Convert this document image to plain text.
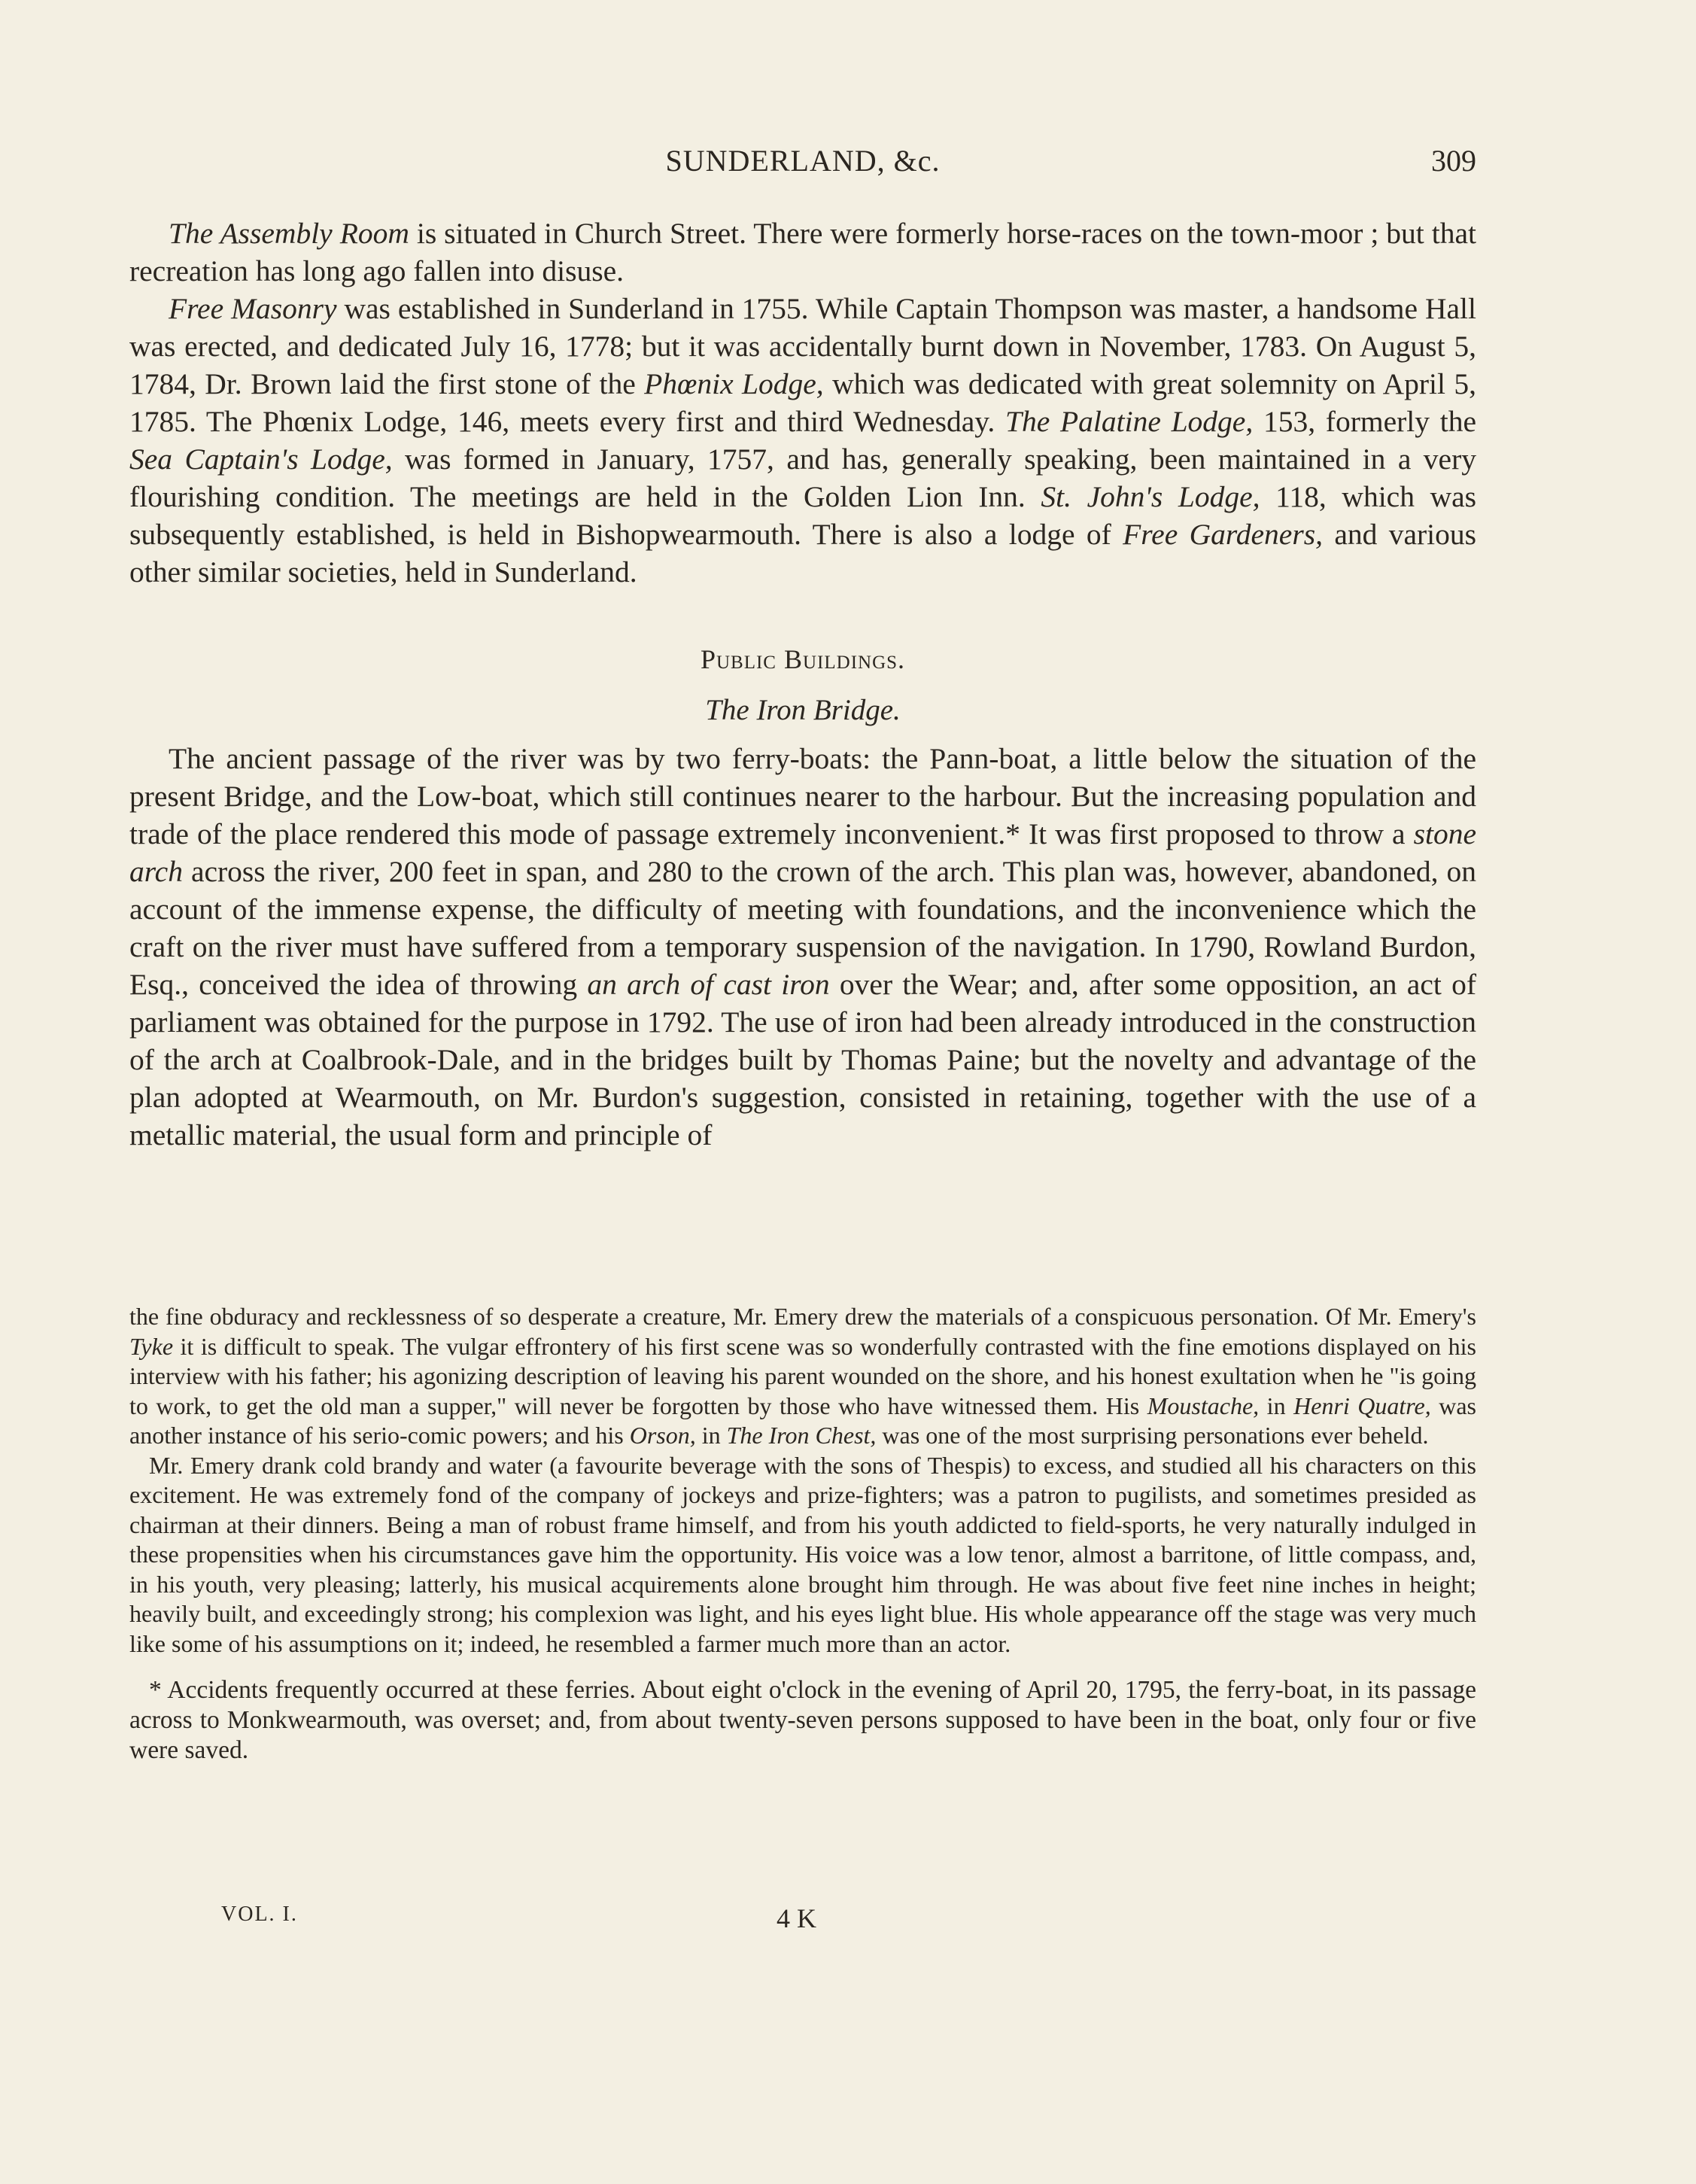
SUNDERLAND, &c.	309

The Assembly Room is situated in Church Street. There were formerly horse-races on the town-moor ; but that recreation has long ago fallen into disuse.

Free Masonry was established in Sunderland in 1755. While Captain Thompson was master, a handsome Hall was erected, and dedicated July 16, 1778; but it was accidentally burnt down in November, 1783. On August 5, 1784, Dr. Brown laid the first stone of the Phœnix Lodge, which was dedicated with great solemnity on April 5, 1785. The Phœnix Lodge, 146, meets every first and third Wednesday. The Palatine Lodge, 153, formerly the Sea Captain's Lodge, was formed in January, 1757, and has, generally speaking, been maintained in a very flourishing condition. The meetings are held in the Golden Lion Inn. St. John's Lodge, 118, which was subsequently established, is held in Bishopwearmouth. There is also a lodge of Free Gardeners, and various other similar societies, held in Sunderland.

Public Buildings.
The Iron Bridge.

The ancient passage of the river was by two ferry-boats: the Pann-boat, a little below the situation of the present Bridge, and the Low-boat, which still continues nearer to the harbour. But the increasing population and trade of the place rendered this mode of passage extremely inconvenient.* It was first proposed to throw a stone arch across the river, 200 feet in span, and 280 to the crown of the arch. This plan was, however, abandoned, on account of the immense expense, the difficulty of meeting with foundations, and the inconvenience which the craft on the river must have suffered from a temporary suspension of the navigation. In 1790, Rowland Burdon, Esq., conceived the idea of throwing an arch of cast iron over the Wear; and, after some opposition, an act of parliament was obtained for the purpose in 1792. The use of iron had been already introduced in the construction of the arch at Coalbrook-Dale, and in the bridges built by Thomas Paine; but the novelty and advantage of the plan adopted at Wearmouth, on Mr. Burdon's suggestion, consisted in retaining, together with the use of a metallic material, the usual form and principle of

the fine obduracy and recklessness of so desperate a creature, Mr. Emery drew the materials of a conspicuous personation. Of Mr. Emery's Tyke it is difficult to speak. The vulgar effrontery of his first scene was so wonderfully contrasted with the fine emotions displayed on his interview with his father; his agonizing description of leaving his parent wounded on the shore, and his honest exultation when he "is going to work, to get the old man a supper," will never be forgotten by those who have witnessed them. His Moustache, in Henri Quatre, was another instance of his serio-comic powers; and his Orson, in The Iron Chest, was one of the most surprising personations ever beheld.

Mr. Emery drank cold brandy and water (a favourite beverage with the sons of Thespis) to excess, and studied all his characters on this excitement. He was extremely fond of the company of jockeys and prize-fighters; was a patron to pugilists, and sometimes presided as chairman at their dinners. Being a man of robust frame himself, and from his youth addicted to field-sports, he very naturally indulged in these propensities when his circumstances gave him the opportunity. His voice was a low tenor, almost a barritone, of little compass, and, in his youth, very pleasing; latterly, his musical acquirements alone brought him through. He was about five feet nine inches in height; heavily built, and exceedingly strong; his complexion was light, and his eyes light blue. His whole appearance off the stage was very much like some of his assumptions on it; indeed, he resembled a farmer much more than an actor.

* Accidents frequently occurred at these ferries. About eight o'clock in the evening of April 20, 1795, the ferry-boat, in its passage across to Monkwearmouth, was overset; and, from about twenty-seven persons supposed to have been in the boat, only four or five were saved.

VOL. I.	4 K
